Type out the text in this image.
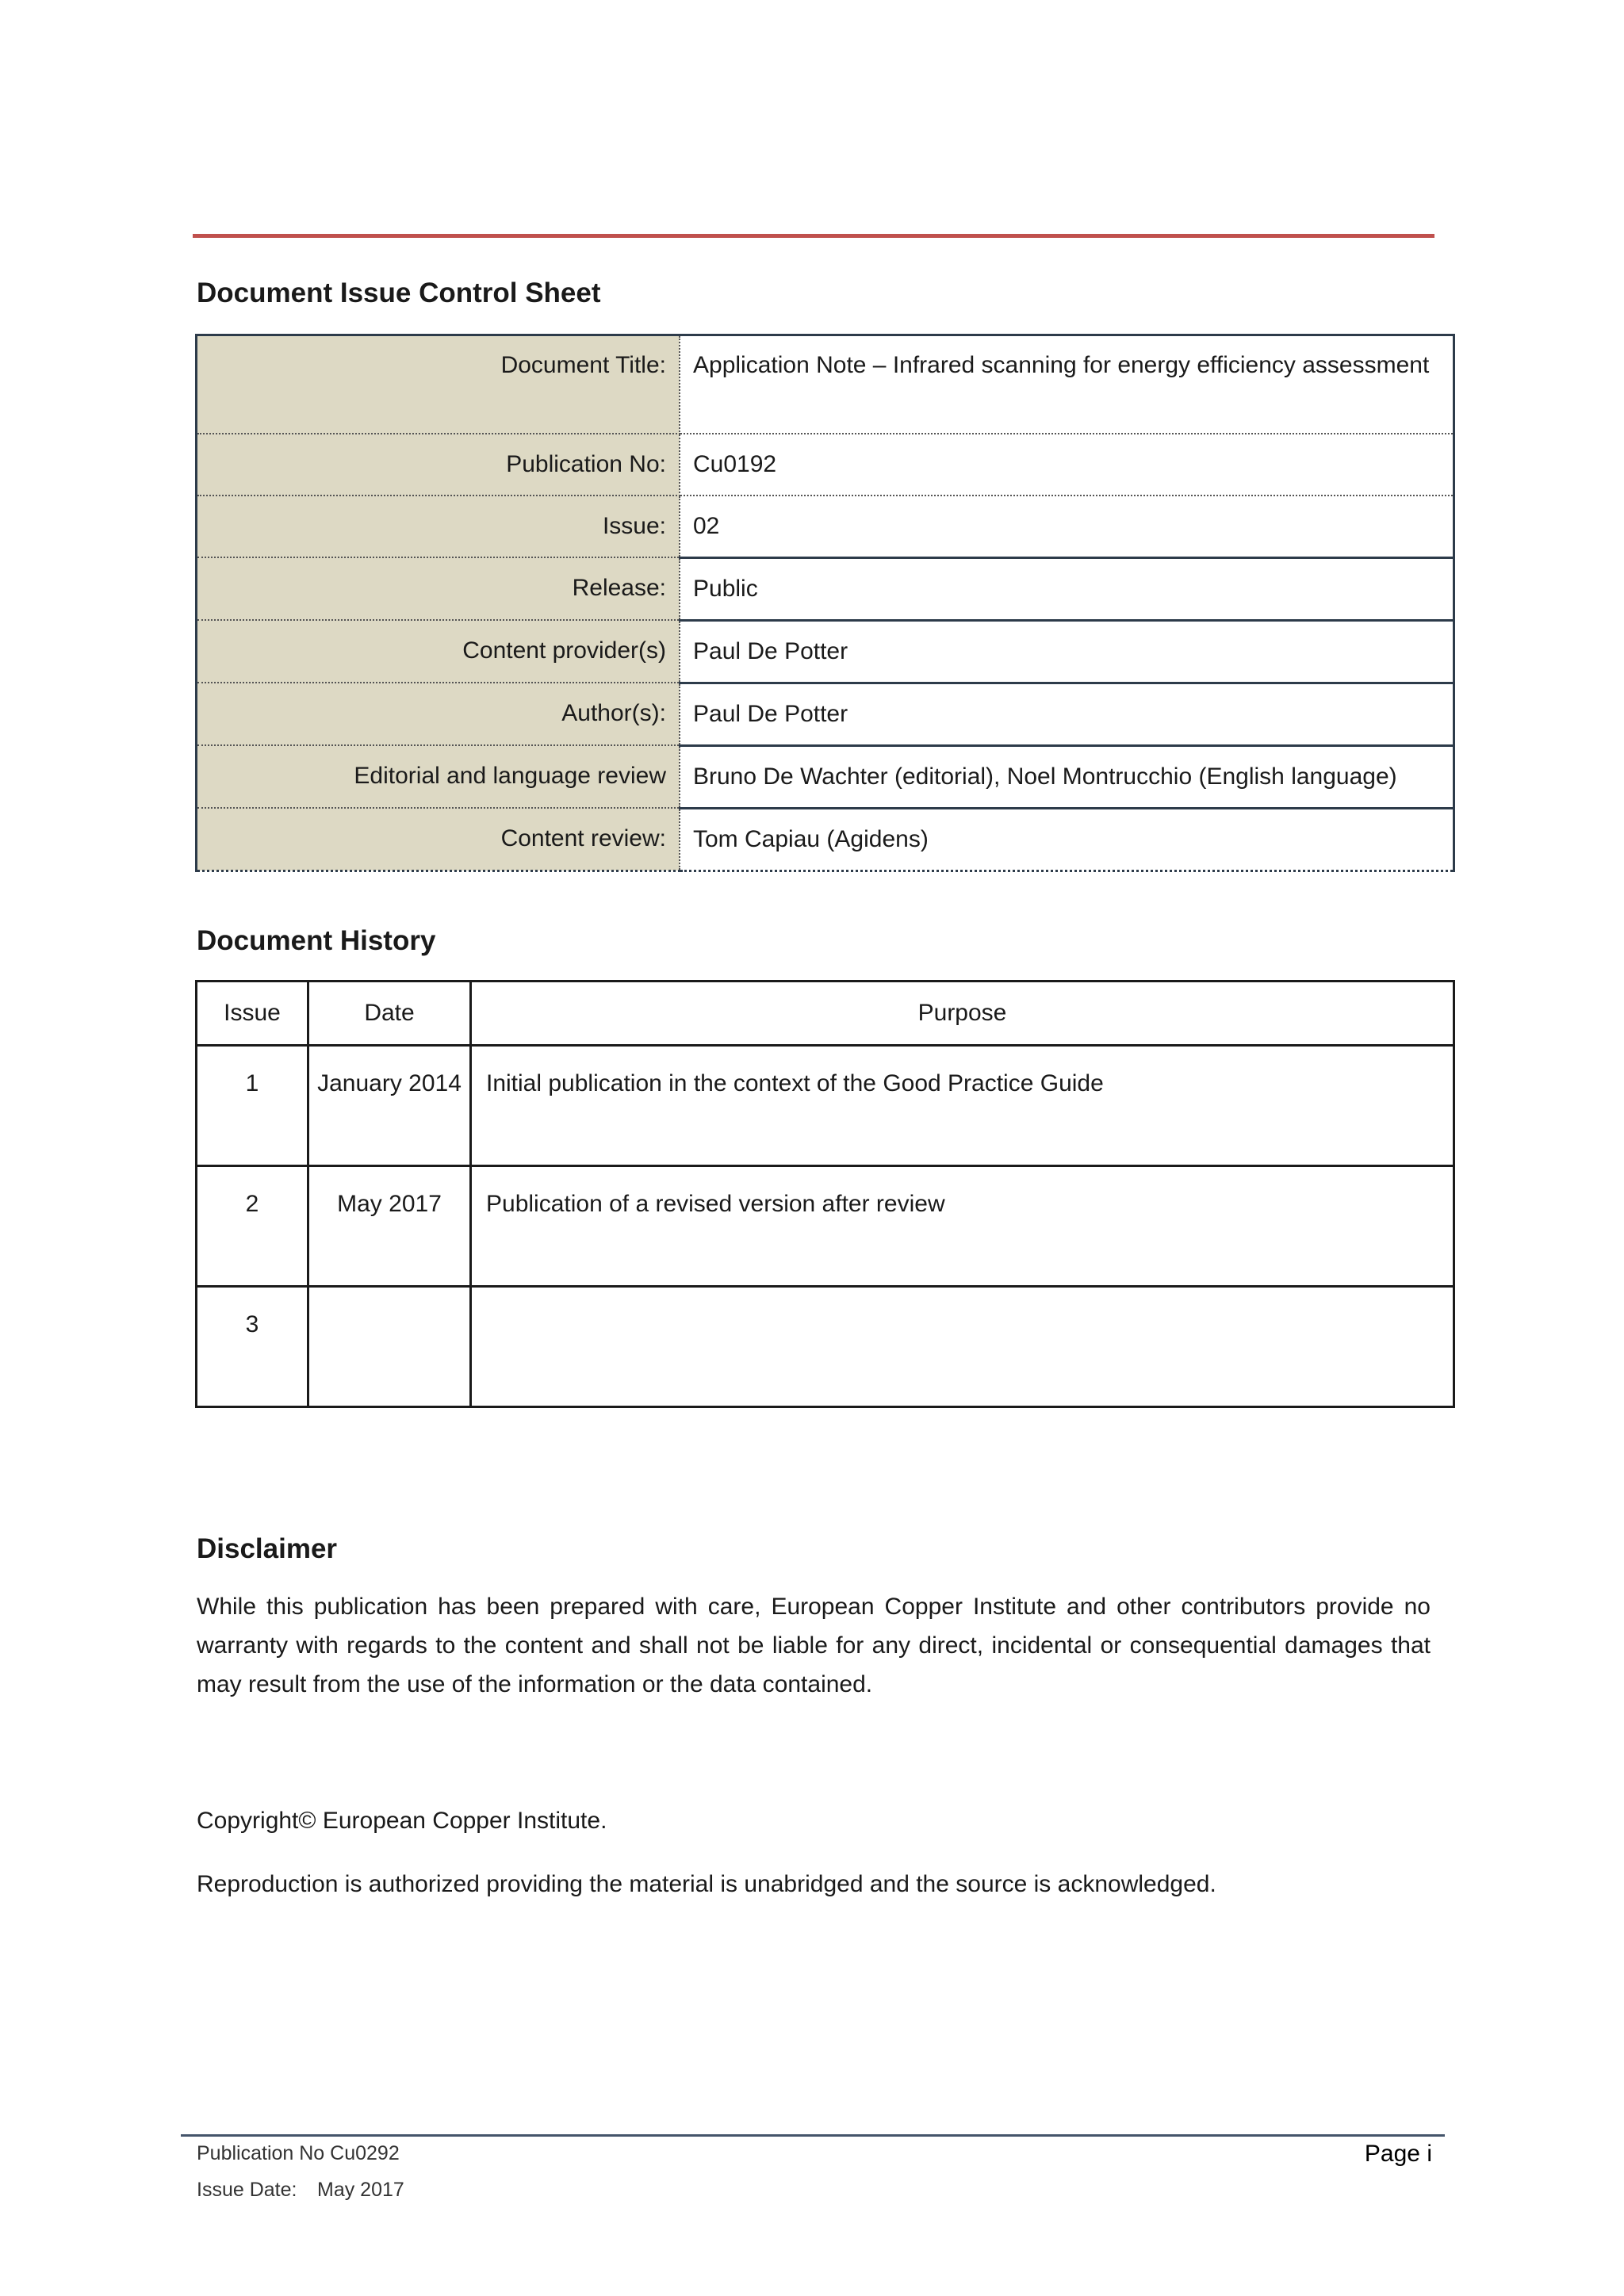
Document Issue Control Sheet
Document Title:	Application Note – Infrared scanning for energy efficiency assessment
Publication No:	Cu0192
Issue:	02
Release:	Public
Content provider(s)	Paul De Potter
Author(s):	Paul De Potter
Editorial and language review	Bruno De Wachter (editorial), Noel Montrucchio (English language)
Content review:	Tom Capiau (Agidens)
Document History
Issue	Date	Purpose
1	January 2014	Initial publication in the context of the Good Practice Guide
2	May 2017	Publication of a revised version after review
3		
Disclaimer
While this publication has been prepared with care, European Copper Institute and other contributors provide no warranty with regards to the content and shall not be liable for any direct, incidental or consequential damages that may result from the use of the information or the data contained.
Copyright© European Copper Institute.
Reproduction is authorized providing the material is unabridged and the source is acknowledged.
Publication No Cu0292	Page i
Issue Date: May 2017
